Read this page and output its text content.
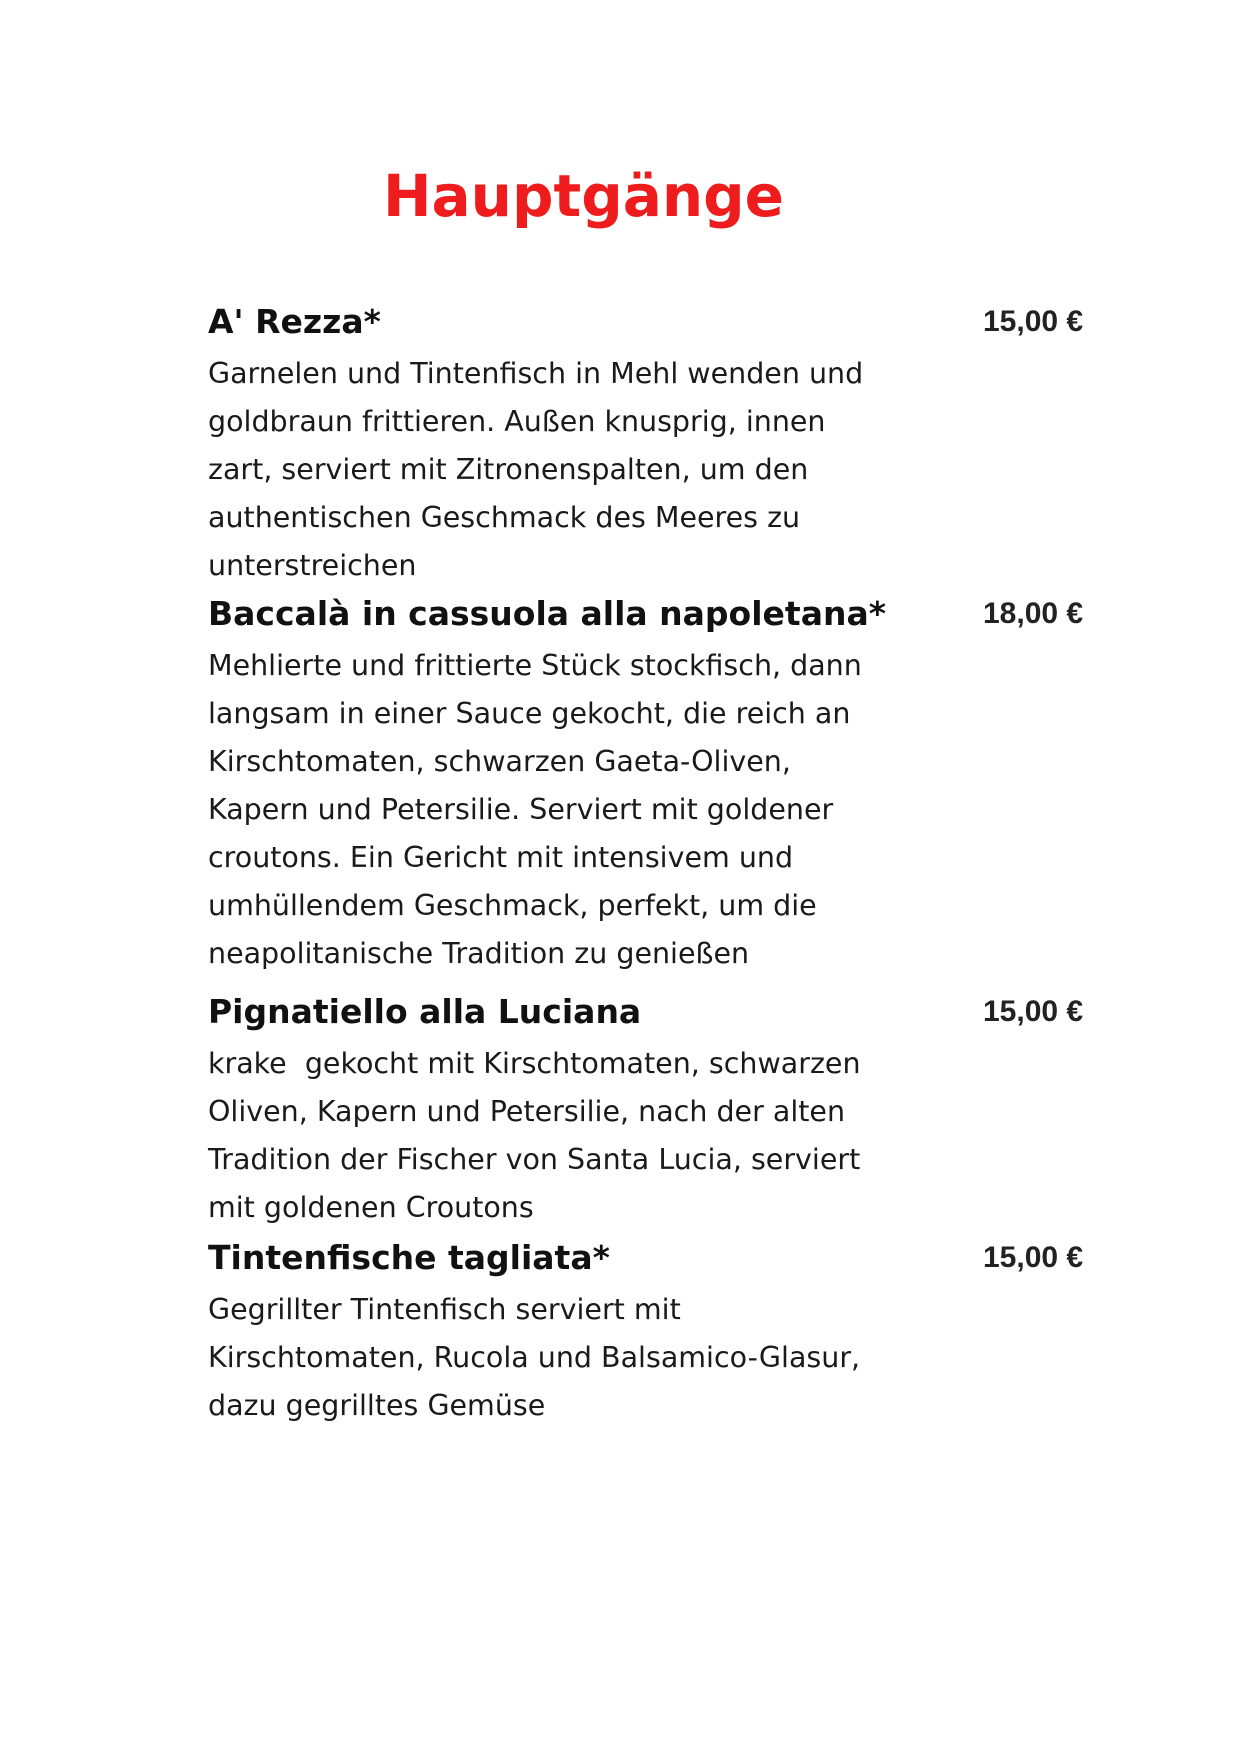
Hauptgänge
A' Rezza*	15,00 €

Garnelen und Tintenfisch in Mehl wenden und
goldbraun frittieren. Außen knusprig, innen
zart, serviert mit Zitronenspalten, um den
authentischen Geschmack des Meeres zu
unterstreichen

Baccalà in cassuola alla napoletana*	18,00 €

Mehlierte und frittierte Stück stockfisch, dann
langsam in einer Sauce gekocht, die reich an
Kirschtomaten, schwarzen Gaeta-Oliven,
Kapern und Petersilie. Serviert mit goldener
croutons. Ein Gericht mit intensivem und
umhüllendem Geschmack, perfekt, um die
neapolitanische Tradition zu genießen

Pignatiello alla Luciana	15,00 €

krake  gekocht mit Kirschtomaten, schwarzen
Oliven, Kapern und Petersilie, nach der alten
Tradition der Fischer von Santa Lucia, serviert
mit goldenen Croutons

Tintenfische tagliata*	15,00 €

Gegrillter Tintenfisch serviert mit
Kirschtomaten, Rucola und Balsamico-Glasur,
dazu gegrilltes Gemüse
